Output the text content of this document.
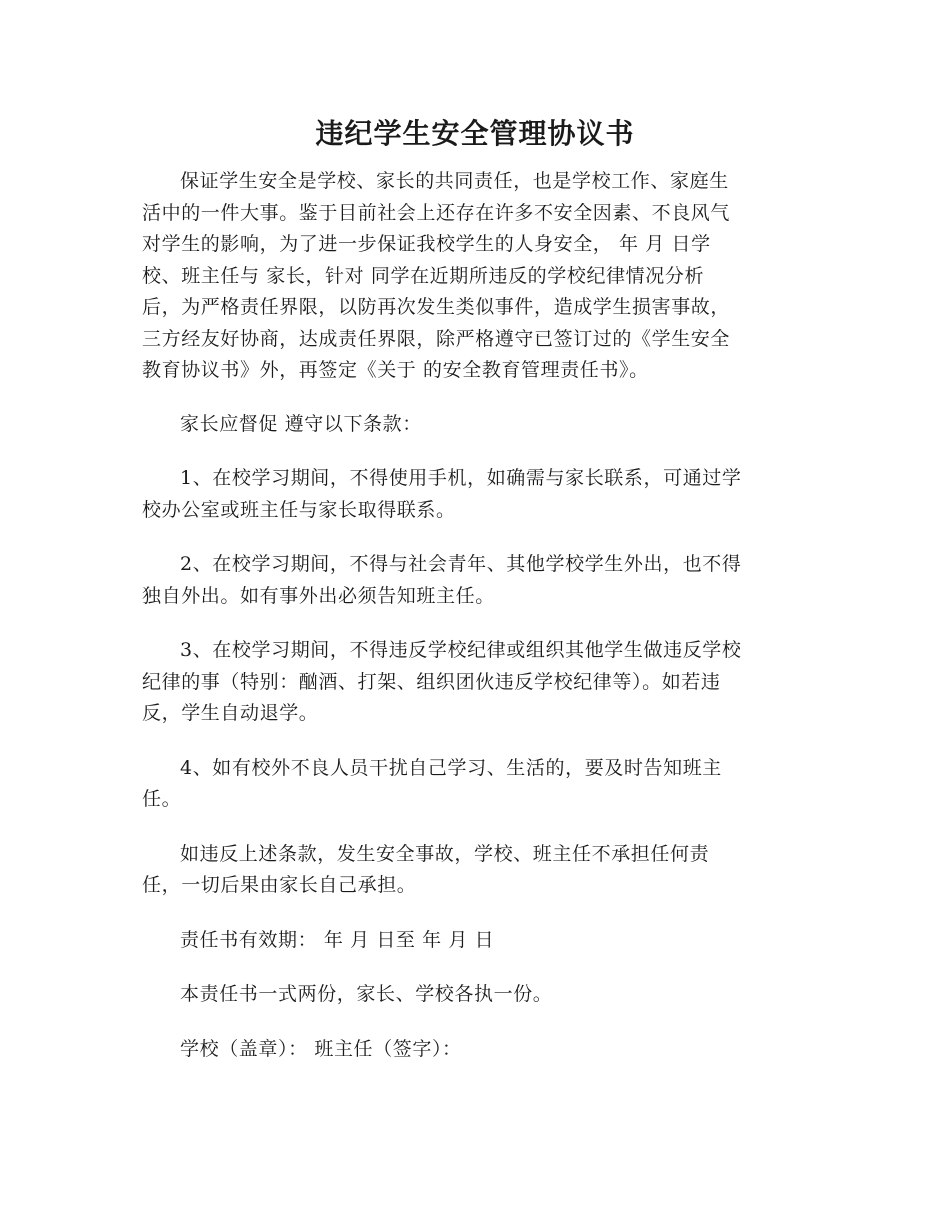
违纪学生安全管理协议书

保证学生安全是学校、家长的共同责任，也是学校工作、家庭生
活中的一件大事。鉴于目前社会上还存在许多不安全因素、不良风气
对学生的影响，为了进一步保证我校学生的人身安全， 年 月 日学
校、班主任与 家长，针对 同学在近期所违反的学校纪律情况分析
后，为严格责任界限，以防再次发生类似事件，造成学生损害事故，
三方经友好协商，达成责任界限，除严格遵守已签订过的《学生安全
教育协议书》外，再签定《关于 的安全教育管理责任书》。

家长应督促 遵守以下条款：

1、在校学习期间，不得使用手机，如确需与家长联系，可通过学
校办公室或班主任与家长取得联系。

2、在校学习期间，不得与社会青年、其他学校学生外出，也不得
独自外出。如有事外出必须告知班主任。

3、在校学习期间，不得违反学校纪律或组织其他学生做违反学校
纪律的事（特别：酗酒、打架、组织团伙违反学校纪律等）。如若违
反，学生自动退学。

4、如有校外不良人员干扰自己学习、生活的，要及时告知班主
任。

如违反上述条款，发生安全事故，学校、班主任不承担任何责
任，一切后果由家长自己承担。

责任书有效期： 年 月 日至 年 月 日

本责任书一式两份，家长、学校各执一份。

学校（盖章）： 班主任（签字）：
